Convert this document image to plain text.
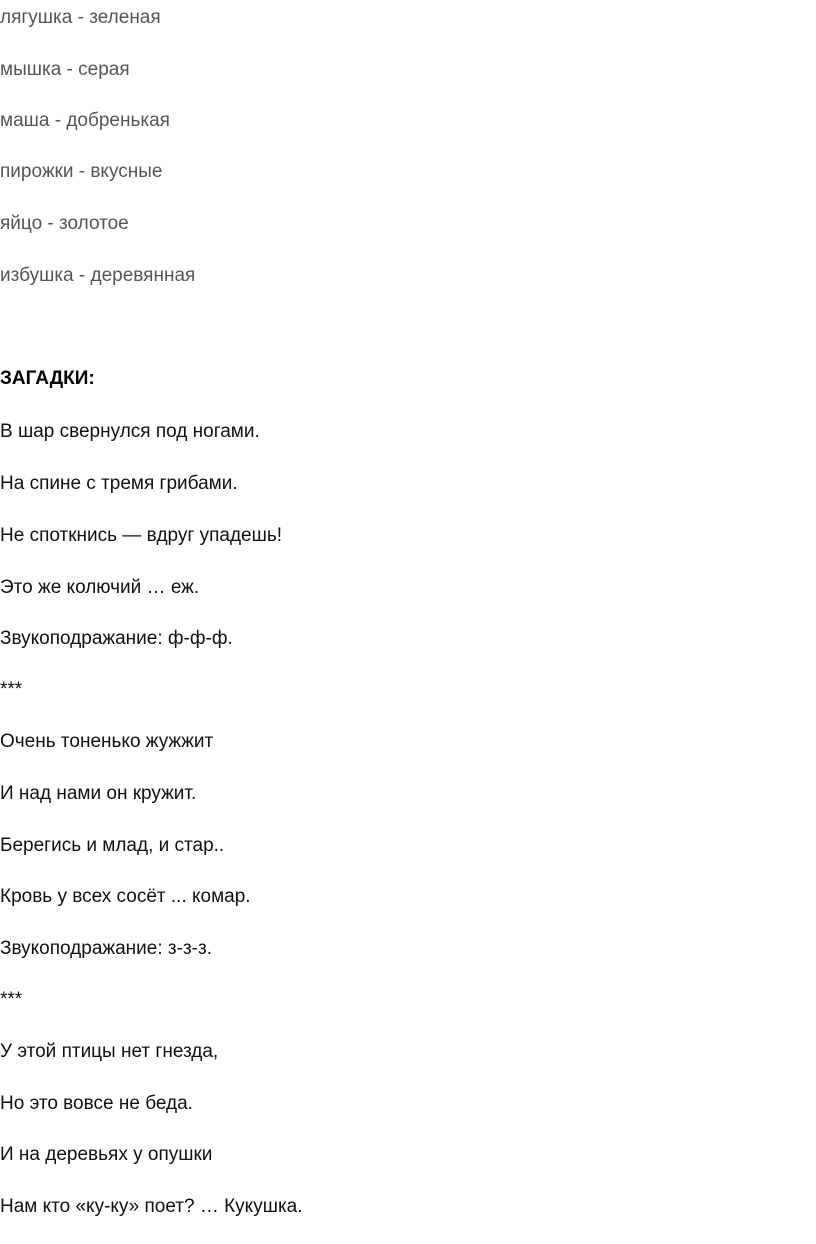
лягушка - зеленая

мышка - серая

маша - добренькая

пирожки - вкусные

яйцо - золотое

избушка - деревянная

ЗАГАДКИ:

В шар свернулся под ногами.

На спине с тремя грибами.

Не споткнись — вдруг упадешь!

Это же колючий … еж.

Звукоподражание: ф-ф-ф.

***

Очень тоненько жужжит

И над нами он кружит.

Берегись и млад, и стар..

Кровь у всех сосёт ... комар.

Звукоподражание: з-з-з.

***

У этой птицы нет гнезда,

Но это вовсе не беда.

И на деревьях у опушки

Нам кто «ку-ку» поет? … Кукушка.
